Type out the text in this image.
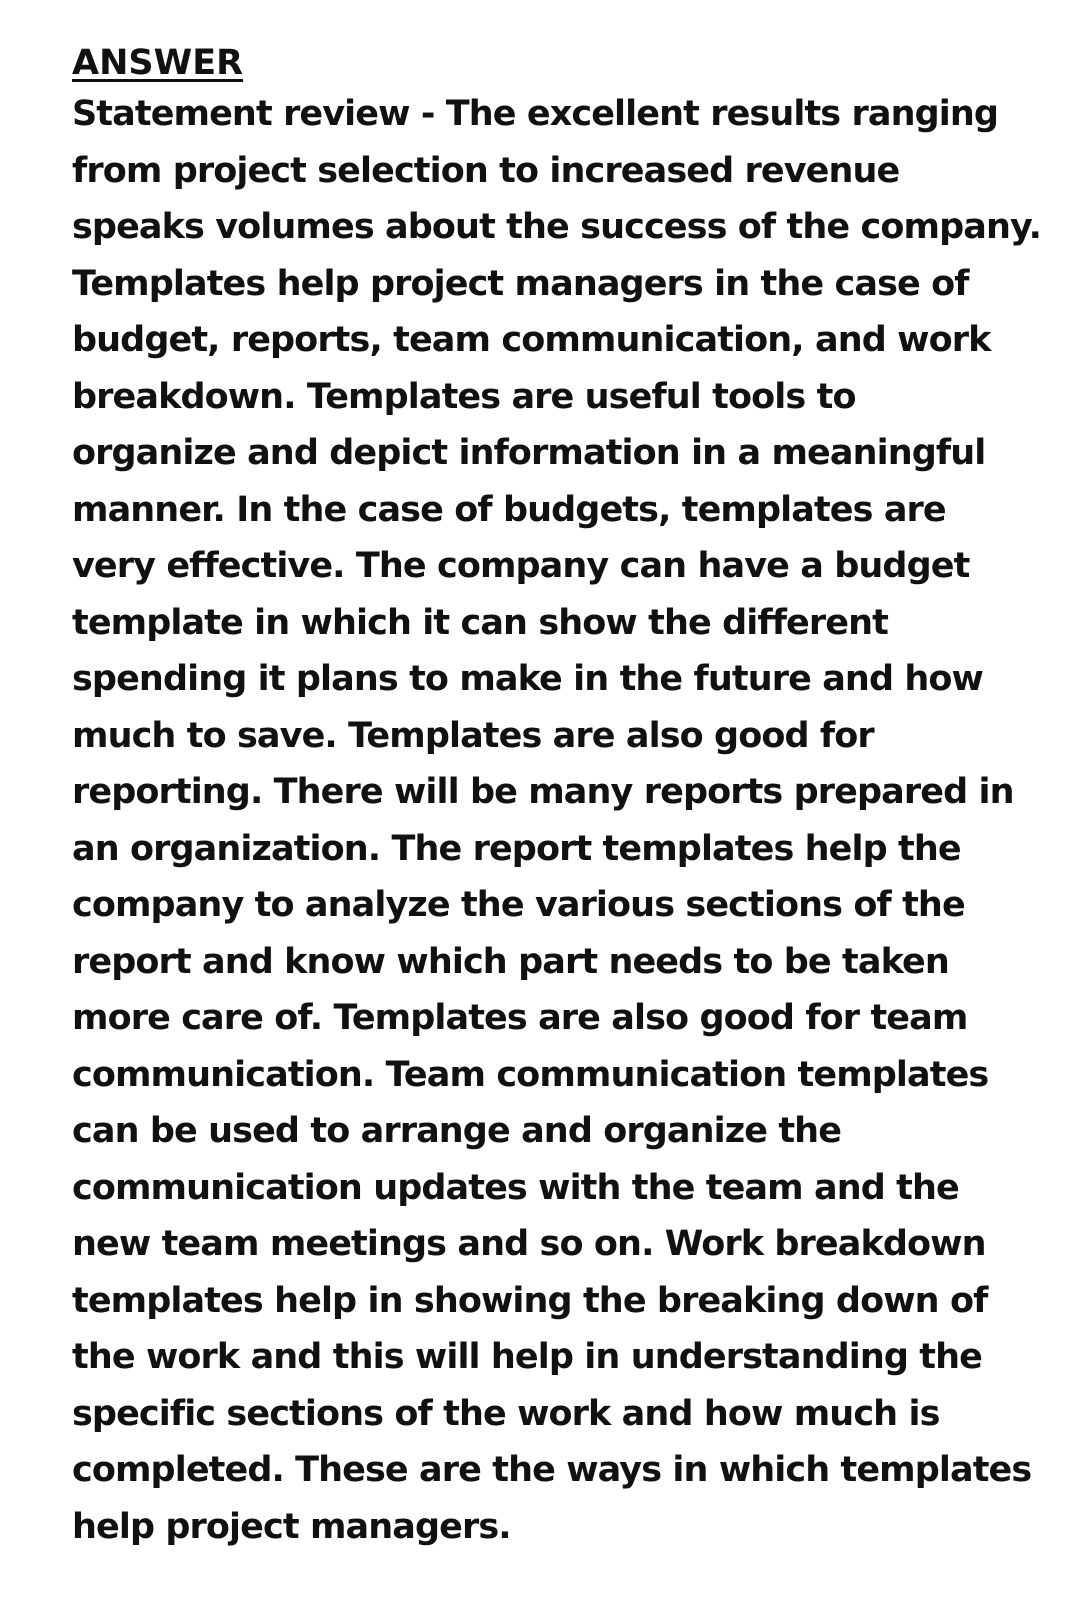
ANSWER

Statement review - The excellent results ranging

from project selection to increased revenue

speaks volumes about the success of the company.

Templates help project managers in the case of

budget, reports, team communication, and work

breakdown. Templates are useful tools to

organize and depict information in a meaningful

manner. In the case of budgets, templates are

very effective. The company can have a budget

template in which it can show the different

spending it plans to make in the future and how

much to save. Templates are also good for

reporting. There will be many reports prepared in

an organization. The report templates help the

company to analyze the various sections of the

report and know which part needs to be taken

more care of. Templates are also good for team

communication. Team communication templates

can be used to arrange and organize the

communication updates with the team and the

new team meetings and so on. Work breakdown

templates help in showing the breaking down of

the work and this will help in understanding the

specific sections of the work and how much is

completed. These are the ways in which templates

help project managers.
